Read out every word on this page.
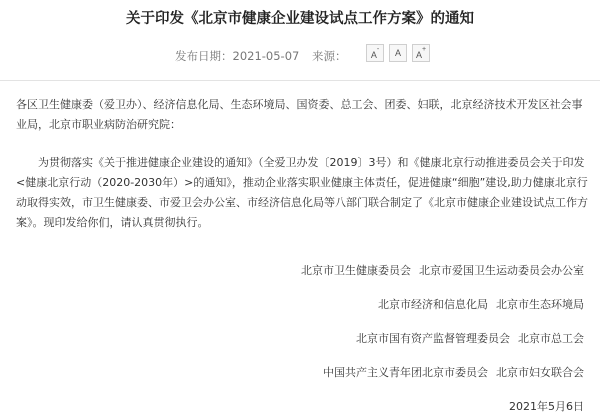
关于印发《北京市健康企业建设试点工作方案》的通知
发布日期：2021-05-07 来源：	A-	A	A+
各区卫生健康委（爱卫办）、经济信息化局、生态环境局、国资委、总工会、团委、妇联，北京经济技术开发区社会事业局，北京市职业病防治研究院：
为贯彻落实《关于推进健康企业建设的通知》（全爱卫办发〔2019〕3号）和《健康北京行动推进委员会关于印发<健康北京行动（2020-2030年）>的通知》，推动企业落实职业健康主体责任，促进健康“细胞”建设,助力健康北京行动取得实效，市卫生健康委、市爱卫会办公室、市经济信息化局等八部门联合制定了《北京市健康企业建设试点工作方案》。现印发给你们，请认真贯彻执行。
北京市卫生健康委员会 北京市爱国卫生运动委员会办公室
北京市经济和信息化局 北京市生态环境局
北京市国有资产监督管理委员会 北京市总工会
中国共产主义青年团北京市委员会 北京市妇女联合会
2021年5月6日
